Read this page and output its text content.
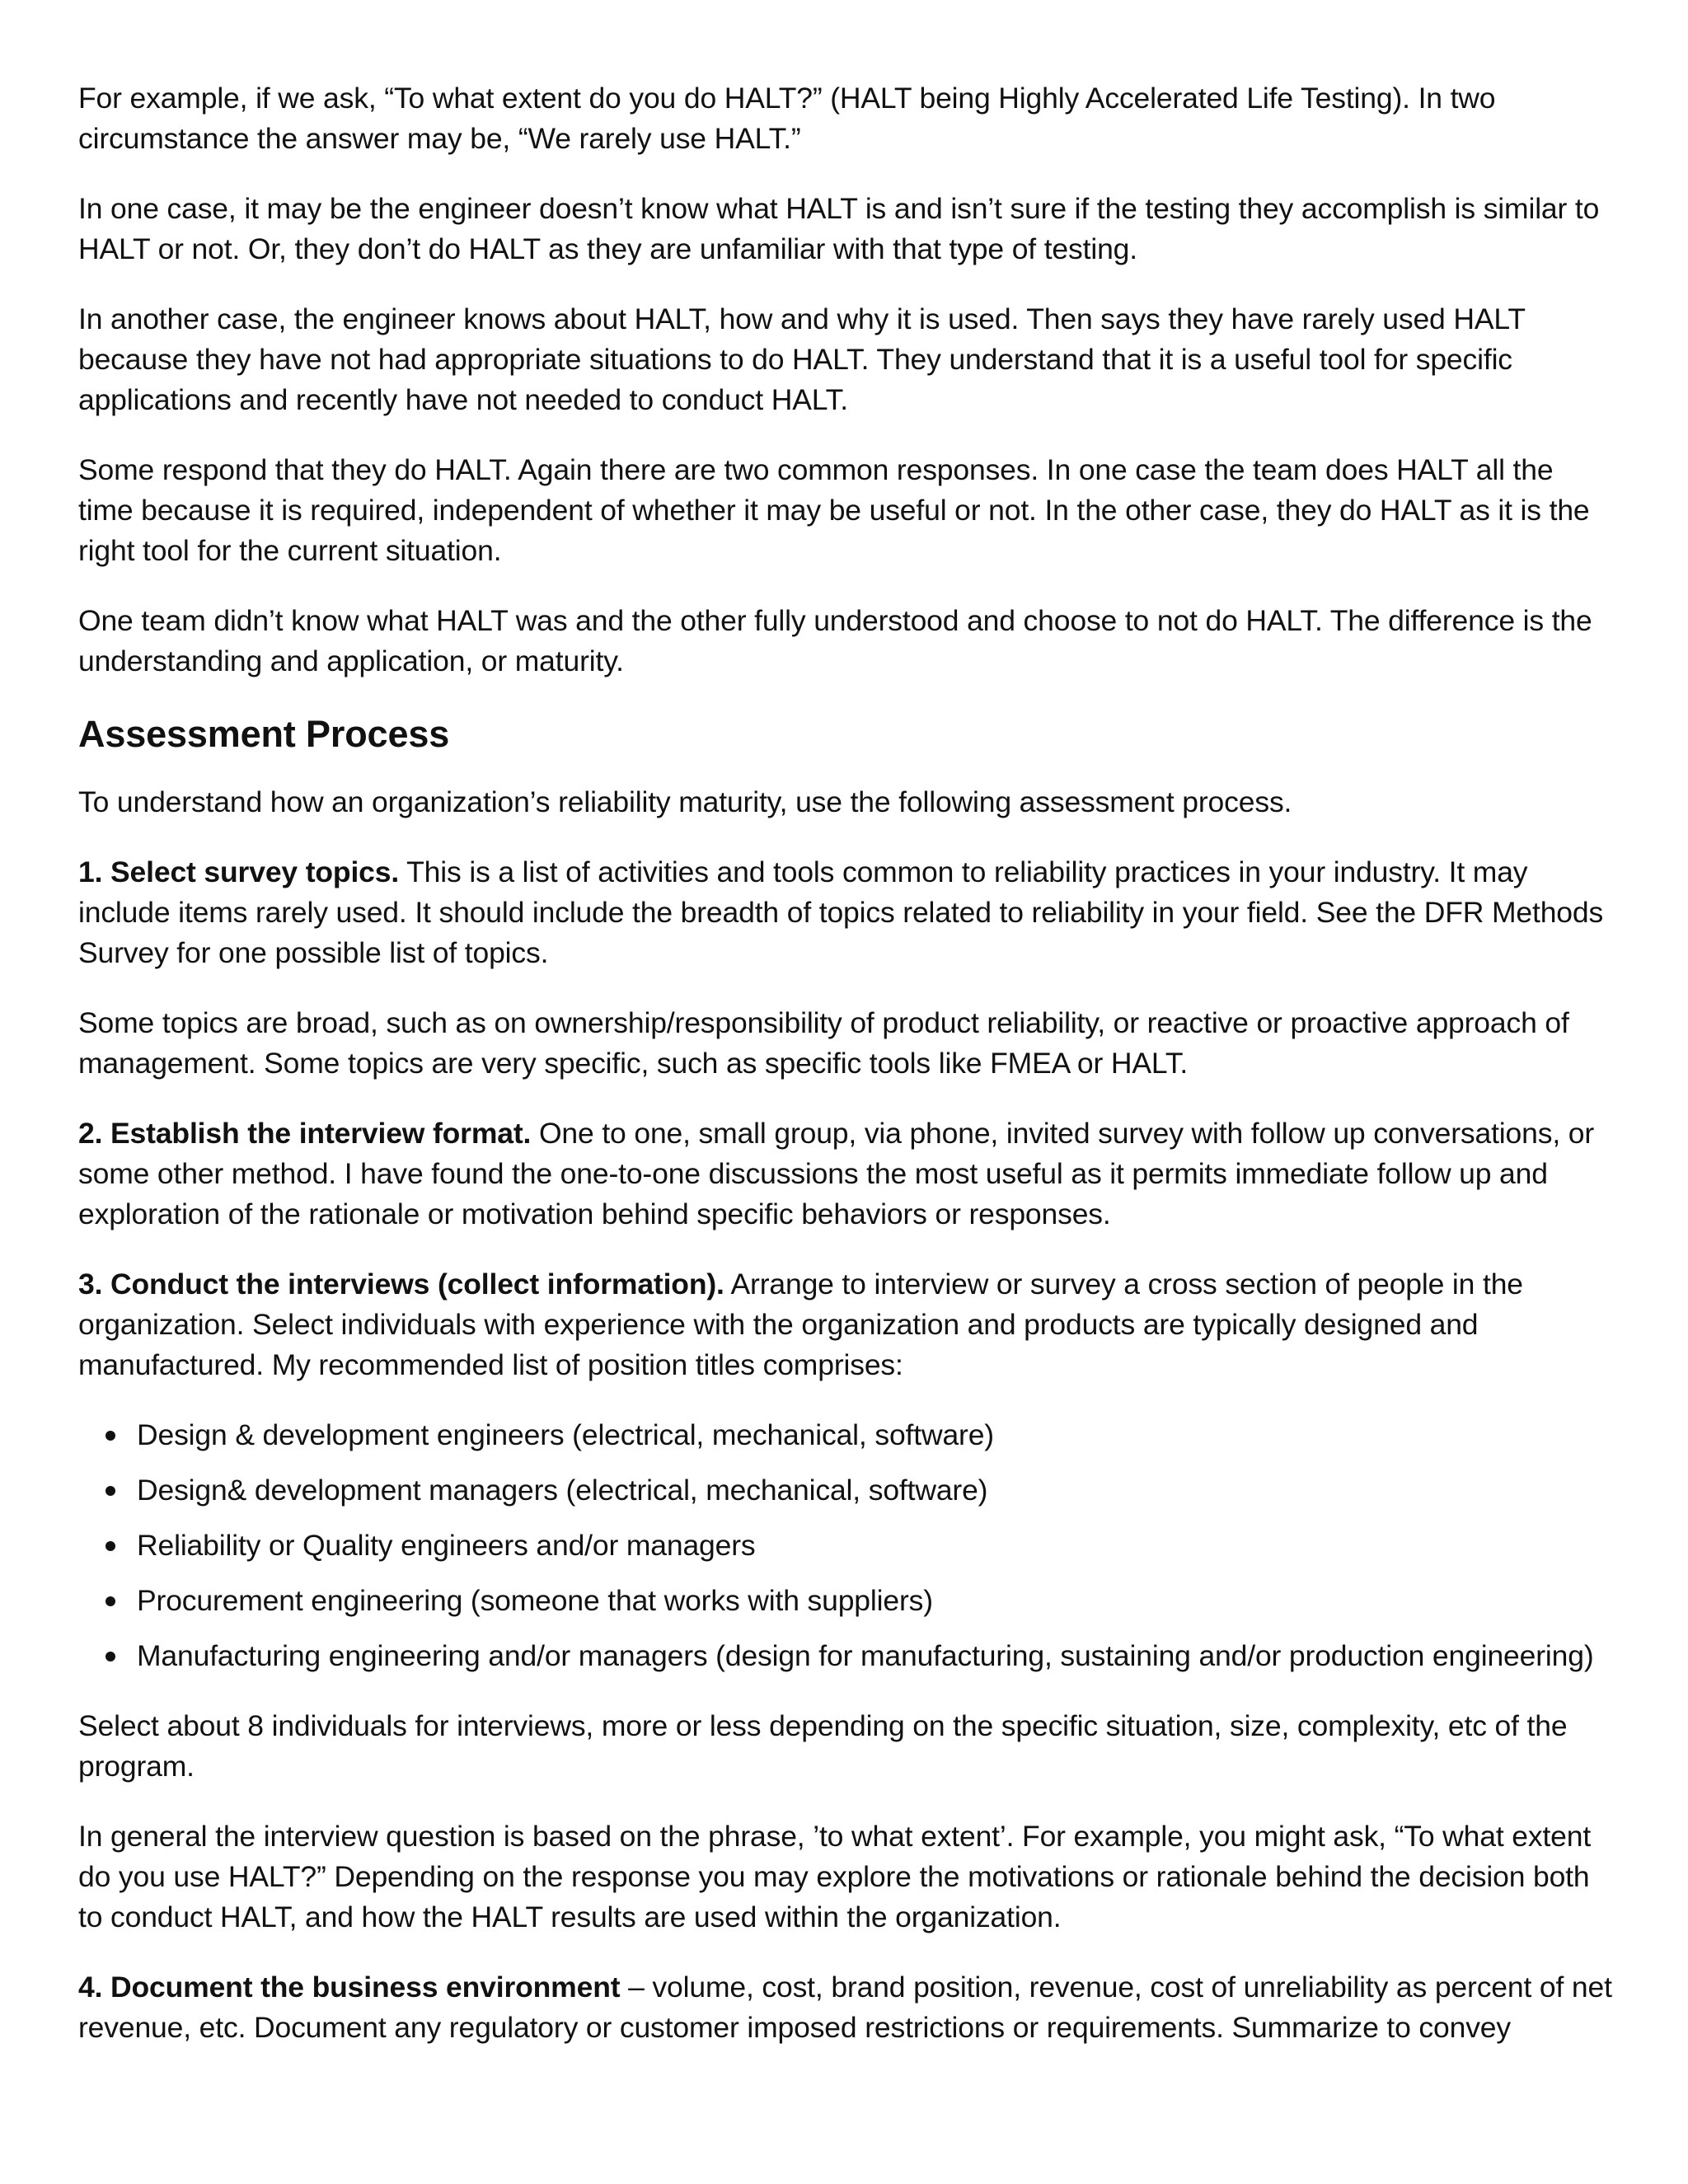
For example, if we ask, “To what extent do you do HALT?” (HALT being Highly Accelerated Life Testing). In two circumstance the answer may be, “We rarely use HALT.”

In one case, it may be the engineer doesn’t know what HALT is and isn’t sure if the testing they accomplish is similar to HALT or not. Or, they don’t do HALT as they are unfamiliar with that type of testing.

In another case, the engineer knows about HALT, how and why it is used. Then says they have rarely used HALT because they have not had appropriate situations to do HALT. They understand that it is a useful tool for specific applications and recently have not needed to conduct HALT.

Some respond that they do HALT. Again there are two common responses. In one case the team does HALT all the time because it is required, independent of whether it may be useful or not. In the other case, they do HALT as it is the right tool for the current situation.

One team didn’t know what HALT was and the other fully understood and choose to not do HALT. The difference is the understanding and application, or maturity.

Assessment Process

To understand how an organization’s reliability maturity, use the following assessment process.

1. Select survey topics. This is a list of activities and tools common to reliability practices in your industry. It may include items rarely used. It should include the breadth of topics related to reliability in your field. See the DFR Methods Survey for one possible list of topics.

Some topics are broad, such as on ownership/responsibility of product reliability, or reactive or proactive approach of management. Some topics are very specific, such as specific tools like FMEA or HALT.

2. Establish the interview format. One to one, small group, via phone, invited survey with follow up conversations, or some other method. I have found the one-to-one discussions the most useful as it permits immediate follow up and exploration of the rationale or motivation behind specific behaviors or responses.

3. Conduct the interviews (collect information). Arrange to interview or survey a cross section of people in the organization. Select individuals with experience with the organization and products are typically designed and manufactured. My recommended list of position titles comprises:

Design & development engineers (electrical, mechanical, software)
Design& development managers (electrical, mechanical, software)
Reliability or Quality engineers and/or managers
Procurement engineering (someone that works with suppliers)
Manufacturing engineering and/or managers (design for manufacturing, sustaining and/or production engineering)

Select about 8 individuals for interviews, more or less depending on the specific situation, size, complexity, etc of the program.

In general the interview question is based on the phrase, ’to what extent’. For example, you might ask, “To what extent do you use HALT?” Depending on the response you may explore the motivations or rationale behind the decision both to conduct HALT, and how the HALT results are used within the organization.

4. Document the business environment – volume, cost, brand position, revenue, cost of unreliability as percent of net revenue, etc. Document any regulatory or customer imposed restrictions or requirements. Summarize to convey
